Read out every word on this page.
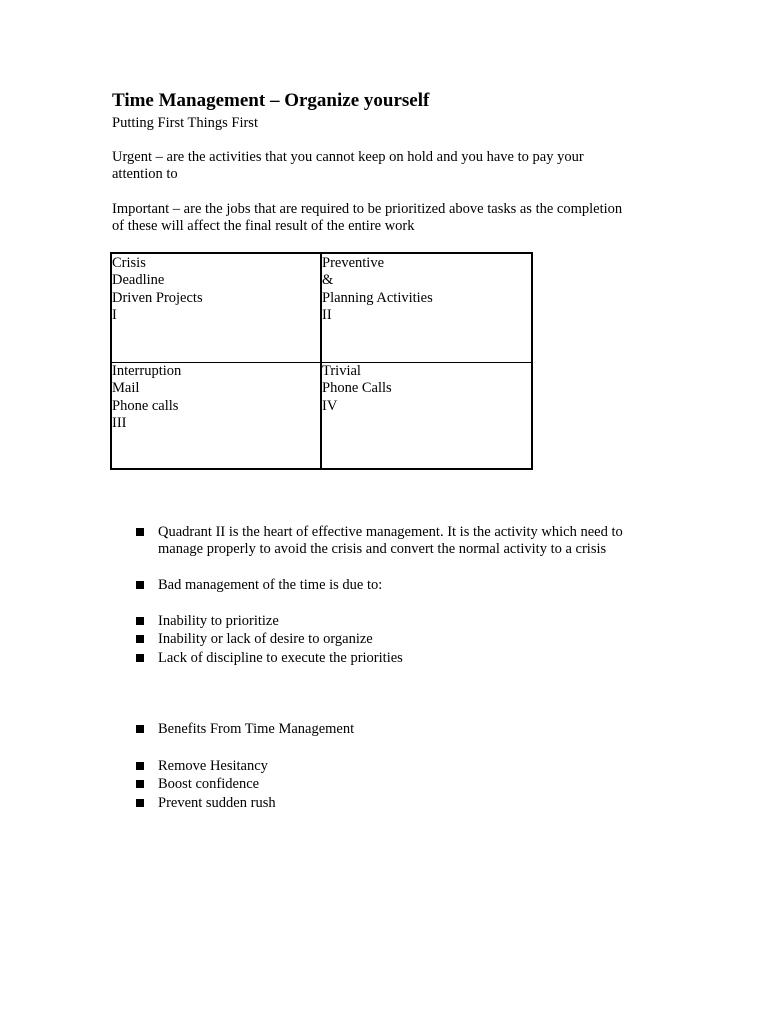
Time Management – Organize yourself
Putting First Things First
Urgent – are the activities that you cannot keep on hold and you have to pay your
attention to
Important – are the jobs that are required to be prioritized above tasks as the completion
of these will affect the final result of the entire work
Crisis
Deadline
Driven Projects
I
Preventive
&
Planning Activities
II
Interruption
Mail
Phone calls
III
Trivial
Phone Calls
IV
Quadrant II is the heart of effective management. It is the activity which need to
manage properly to avoid the crisis and convert the normal activity to a crisis
Bad management of the time is due to:
Inability to prioritize
Inability or lack of desire to organize
Lack of discipline to execute the priorities
Benefits From Time Management
Remove Hesitancy
Boost confidence
Prevent sudden rush
